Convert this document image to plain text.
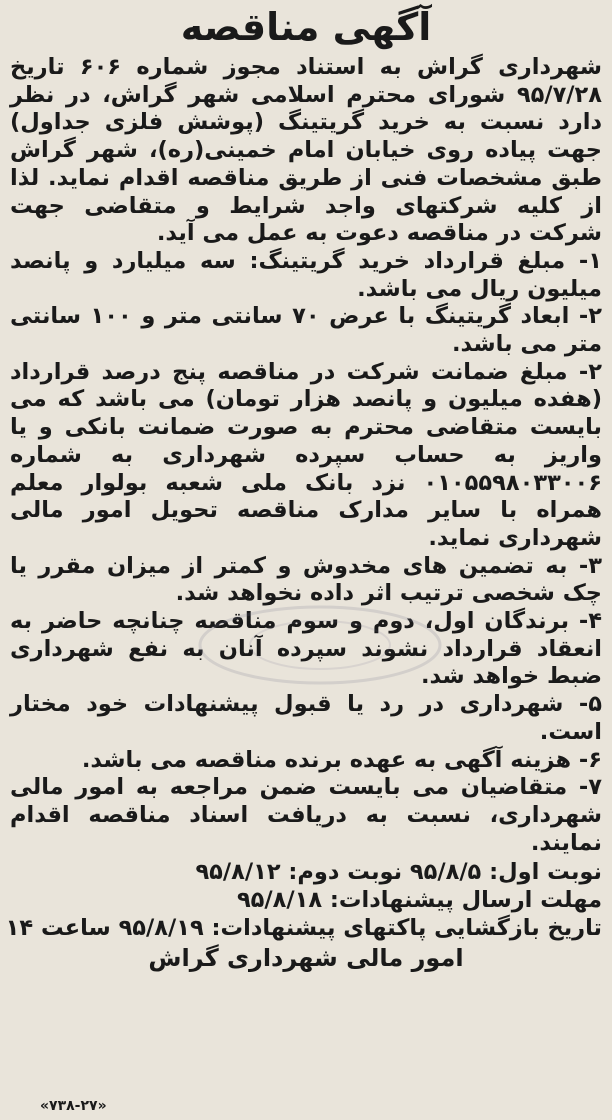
آگهی مناقصه

شهرداری گراش به استناد مجوز شماره ۶۰۶ تاریخ ۹۵/۷/۲۸ شورای محترم اسلامی شهر گراش، در نظر دارد نسبت به خرید گریتینگ (پوشش فلزی جداول) جهت پیاده روی خیابان امام خمینی(ره)، شهر گراش طبق مشخصات فنی از طریق مناقصه اقدام نماید. لذا از کلیه شرکتهای واجد شرایط و متقاضی جهت شرکت در مناقصه دعوت به عمل می آید.

۱- مبلغ قرارداد خرید گریتینگ: سه میلیارد و پانصد میلیون ریال می باشد.

۲- ابعاد گریتینگ با عرض ۷۰ سانتی متر و ۱۰۰ سانتی متر می باشد.

۲- مبلغ ضمانت شرکت در مناقصه پنج درصد قرارداد (هفده میلیون و پانصد هزار تومان) می باشد که می بایست متقاضی محترم به صورت ضمانت بانکی و یا واریز به حساب سپرده شهرداری به شماره ۰۱۰۵۵۹۸۰۳۳۰۰۶ نزد بانک ملی شعبه بولوار معلم همراه با سایر مدارک مناقصه تحویل امور مالی شهرداری نماید.

۳- به تضمین های مخدوش و کمتر از میزان مقرر یا چک شخصی ترتیب اثر داده نخواهد شد.

۴- برندگان اول، دوم و سوم مناقصه چنانچه حاضر به انعقاد قرارداد نشوند سپرده آنان به نفع شهرداری ضبط خواهد شد.

۵- شهرداری در رد یا قبول پیشنهادات خود مختار است.

۶- هزینه آگهی به عهده برنده مناقصه می باشد.

۷- متقاضیان می بایست ضمن مراجعه به امور مالی شهرداری، نسبت به دریافت اسناد مناقصه اقدام نمایند.

نوبت اول: ۹۵/۸/۵ نوبت دوم: ۹۵/۸/۱۲

مهلت ارسال پیشنهادات: ۹۵/۸/۱۸

تاریخ بازگشایی پاکتهای پیشنهادات: ۹۵/۸/۱۹ ساعت ۱۴

امور مالی شهرداری گراش

«۷۳۸-۲۷»
